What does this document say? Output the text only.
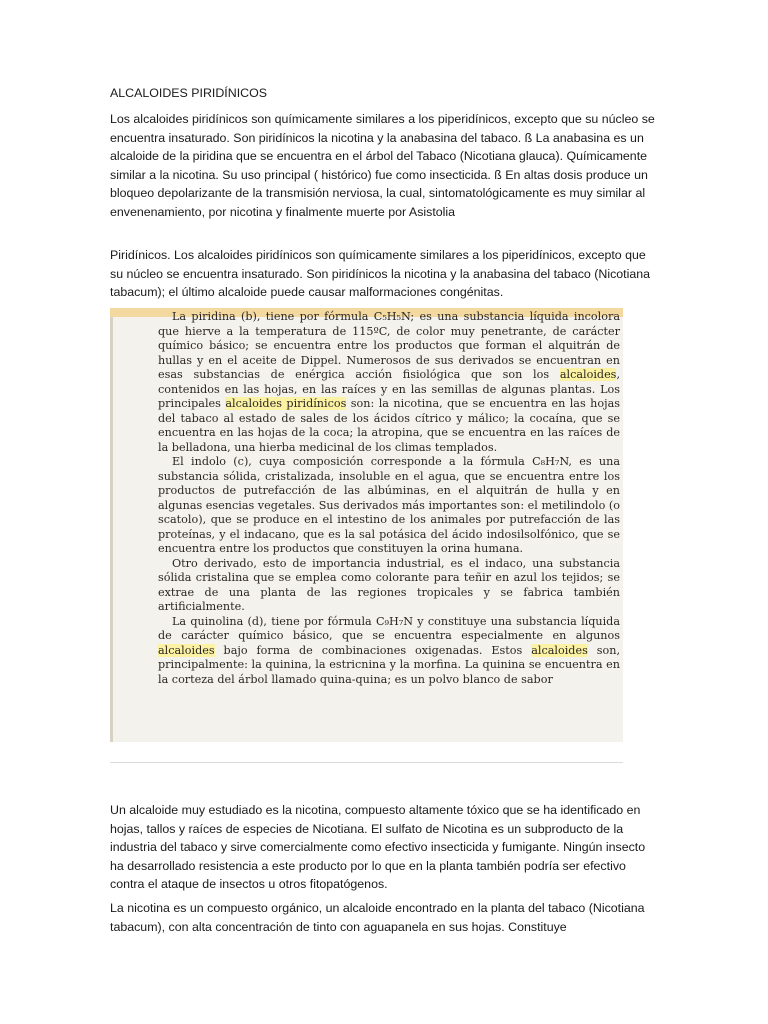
ALCALOIDES PIRIDÍNICOS

Los alcaloides piridínicos son químicamente similares a los piperidínicos, excepto que su núcleo se encuentra insaturado. Son piridínicos la nicotina y la anabasina del tabaco. ß La anabasina es un alcaloide de la piridina que se encuentra en el árbol del Tabaco (Nicotiana glauca). Químicamente similar a la nicotina. Su uso principal ( histórico) fue como insecticida. ß En altas dosis produce un bloqueo depolarizante de la transmisión nerviosa, la cual, sintomatológicamente es muy similar al envenenamiento, por nicotina y finalmente muerte por Asistolia

Piridínicos. Los alcaloides piridínicos son químicamente similares a los piperidínicos, excepto que su núcleo se encuentra insaturado. Son piridínicos la nicotina y la anabasina del tabaco (Nicotiana tabacum); el último alcaloide puede causar malformaciones congénitas.

La piridina (b), tiene por fórmula C₅H₅N; es una substancia líquida incolora que hierve a la temperatura de 115ºC, de color muy penetrante, de carácter químico básico; se encuentra entre los productos que forman el alquitrán de hullas y en el aceite de Dippel. Numerosos de sus derivados se encuentran en esas substancias de enérgica acción fisiológica que son los alcaloides, contenidos en las hojas, en las raíces y en las semillas de algunas plantas. Los principales alcaloides piridínicos son: la nicotina, que se encuentra en las hojas del tabaco al estado de sales de los ácidos cítrico y málico; la cocaína, que se encuentra en las hojas de la coca; la atropina, que se encuentra en las raíces de la belladona, una hierba medicinal de los climas templados.

El indolo (c), cuya composición corresponde a la fórmula C₈H₇N, es una substancia sólida, cristalizada, insoluble en el agua, que se encuentra entre los productos de putrefacción de las albúminas, en el alquitrán de hulla y en algunas esencias vegetales. Sus derivados más importantes son: el metilindolo (o scatolo), que se produce en el intestino de los animales por putrefacción de las proteínas, y el indacano, que es la sal potásica del ácido indosilsolfónico, que se encuentra entre los productos que constituyen la orina humana.

Otro derivado, esto de importancia industrial, es el indaco, una substancia sólida cristalina que se emplea como colorante para teñir en azul los tejidos; se extrae de una planta de las regiones tropicales y se fabrica también artificialmente.

La quinolina (d), tiene por fórmula C₉H₇N y constituye una substancia líquida de carácter químico básico, que se encuentra especialmente en algunos alcaloides bajo forma de combinaciones oxigenadas. Estos alcaloides son, principalmente: la quinina, la estricnina y la morfina. La quinina se encuentra en la corteza del árbol llamado quina-quina; es un polvo blanco de sabor

Un alcaloide muy estudiado es la nicotina, compuesto altamente tóxico que se ha identificado en hojas, tallos y raíces de especies de Nicotiana. El sulfato de Nicotina es un subproducto de la industria del tabaco y sirve comercialmente como efectivo insecticida y fumigante. Ningún insecto ha desarrollado resistencia a este producto por lo que en la planta también podría ser efectivo contra el ataque de insectos u otros fitopatógenos.

La nicotina es un compuesto orgánico, un alcaloide encontrado en la planta del tabaco (Nicotiana tabacum), con alta concentración de tinto con aguapanela en sus hojas. Constituye
